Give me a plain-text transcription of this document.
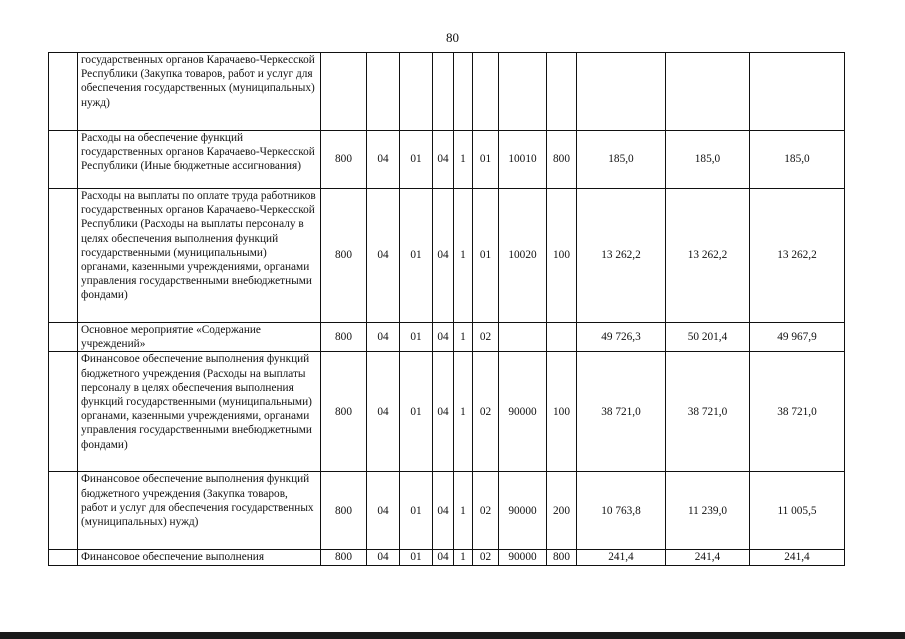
80
	государственных органов Карачаево-Черкесской Республики (Закупка товаров, работ и услуг для обеспечения государственных (муниципальных) нужд)											
	Расходы на обеспечение функций государственных органов Карачаево-Черкесской Республики (Иные бюджетные ассигнования)	800	04	01	04	1	01	10010	800	185,0	185,0	185,0
	Расходы на выплаты по оплате труда работников государственных органов Карачаево-Черкесской Республики (Расходы на выплаты персоналу в целях обеспечения выполнения функций государственными (муниципальными) органами, казенными учреждениями, органами управления государственными внебюджетными фондами)	800	04	01	04	1	01	10020	100	13 262,2	13 262,2	13 262,2
	Основное мероприятие «Содержание учреждений»	800	04	01	04	1	02			49 726,3	50 201,4	49 967,9
	Финансовое обеспечение выполнения функций бюджетного учреждения (Расходы на выплаты персоналу в целях обеспечения выполнения функций государственными (муниципальными) органами, казенными учреждениями, органами управления государственными внебюджетными фондами)	800	04	01	04	1	02	90000	100	38 721,0	38 721,0	38 721,0
	Финансовое обеспечение выполнения функций бюджетного учреждения (Закупка товаров, работ и услуг для обеспечения государственных (муниципальных) нужд)	800	04	01	04	1	02	90000	200	10 763,8	11 239,0	11 005,5
	Финансовое обеспечение выполнения	800	04	01	04	1	02	90000	800	241,4	241,4	241,4
